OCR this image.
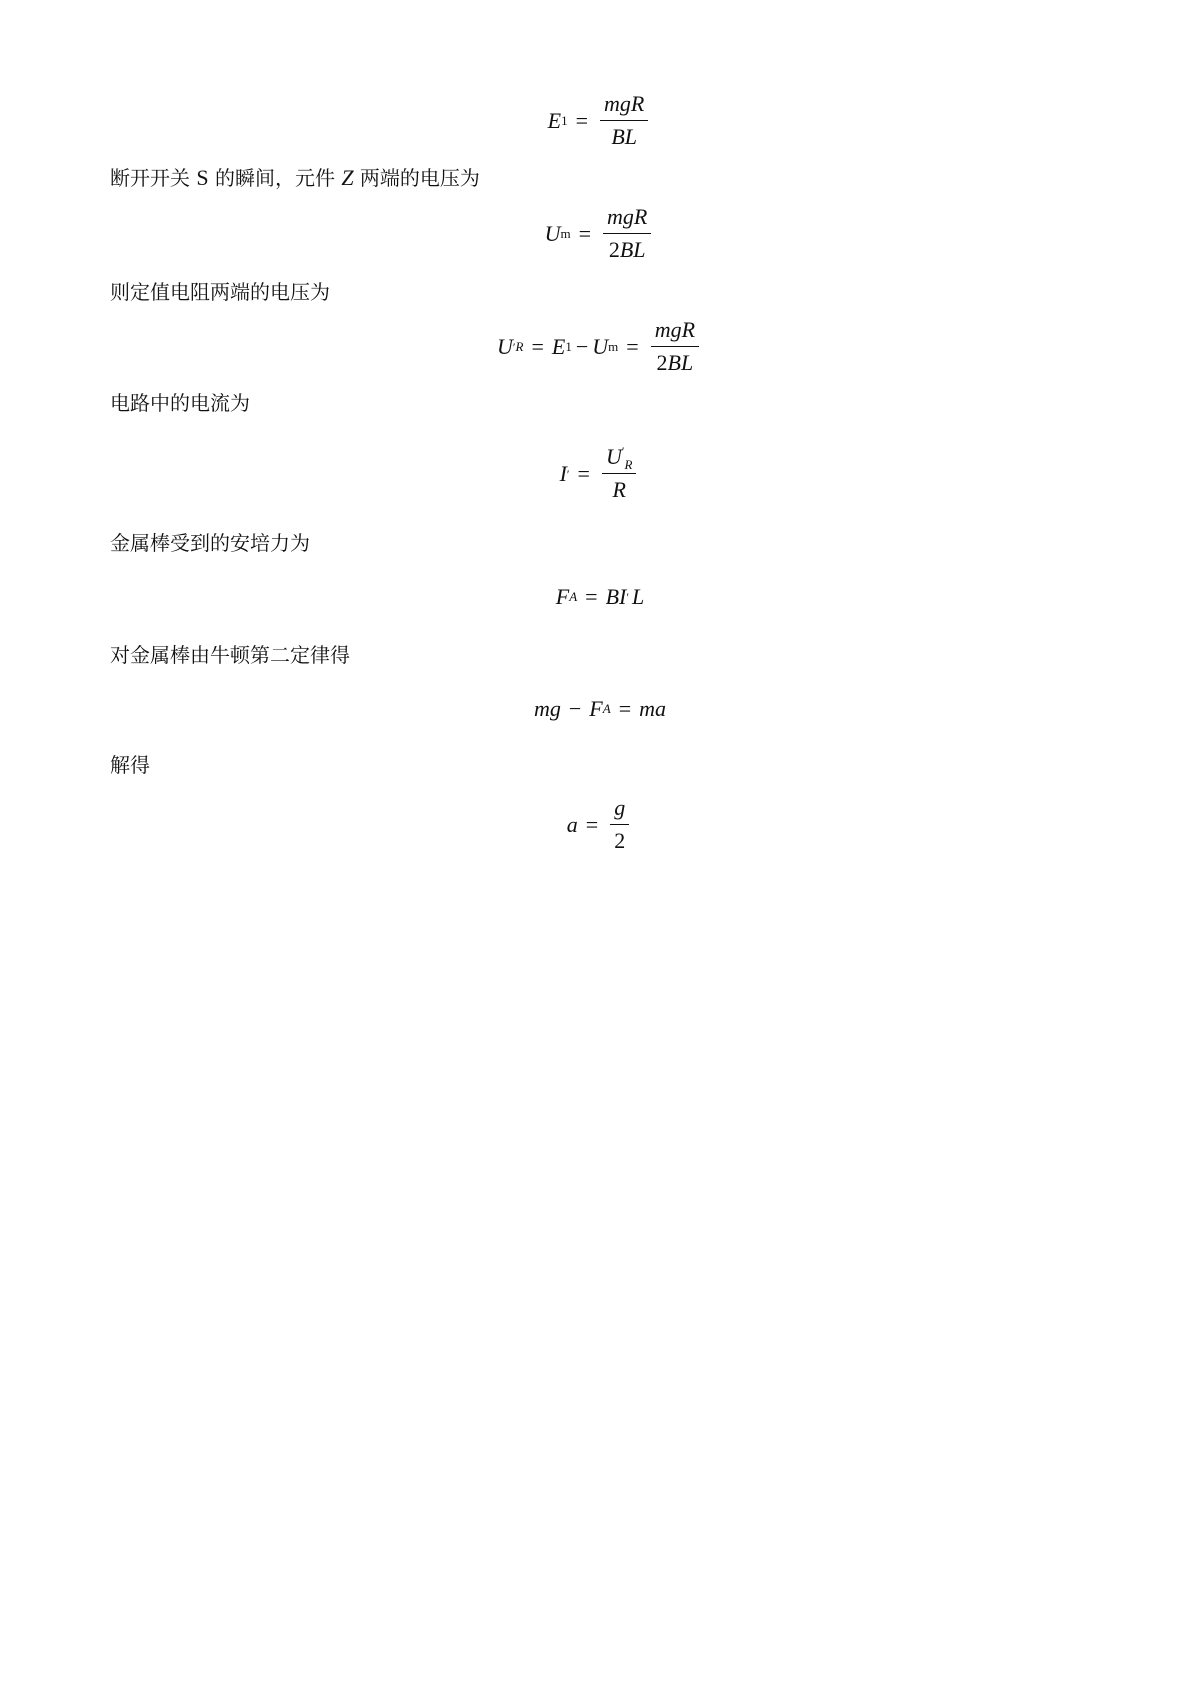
E $1 = \frac{\text{mgR}}{BL}$
断开开关 S 的瞬间，元件 Z 两端的电压为
U $m = \frac{\text{mgR}}{2BL}$
则定值电阻两端的电压为
U ′ R = E 1 − U $m = \frac{\text{mgR}}{2BL}$
电路中的电流为
I ′ = $\frac{U'_R}{R}$
金属棒受到的安培力为
F A = B I ′ L
对金属棒由牛顿第二定律得
mg − F A = ma
解得
$a = \frac{g}{2}$
